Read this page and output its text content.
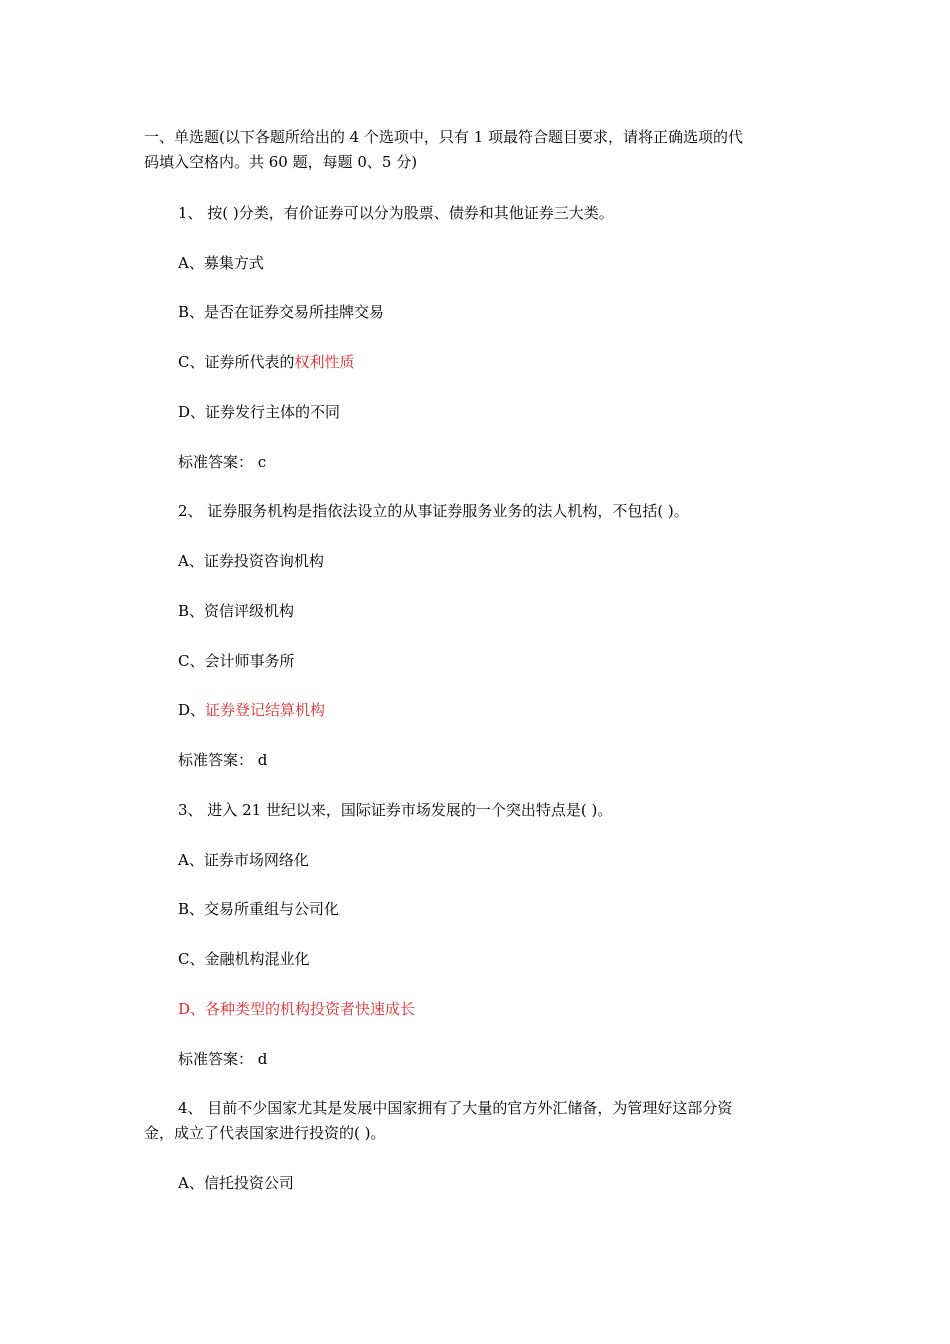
一、单选题(以下各题所给出的 4 个选项中，只有 1 项最符合题目要求，请将正确选项的代
码填入空格内。共 60 题，每题 0、5 分)
1、 按( )分类，有价证券可以分为股票、债券和其他证券三大类。
A、募集方式
B、是否在证券交易所挂牌交易
C、证券所代表的权利性质
D、证券发行主体的不同
标准答案： c
2、 证券服务机构是指依法设立的从事证券服务业务的法人机构，不包括( )。
A、证券投资咨询机构
B、资信评级机构
C、会计师事务所
D、证券登记结算机构
标准答案： d
3、 进入 21 世纪以来，国际证券市场发展的一个突出特点是( )。
A、证券市场网络化
B、交易所重组与公司化
C、金融机构混业化
D、各种类型的机构投资者快速成长
标准答案： d
4、 目前不少国家尤其是发展中国家拥有了大量的官方外汇储备，为管理好这部分资
金，成立了代表国家进行投资的( )。
A、信托投资公司
